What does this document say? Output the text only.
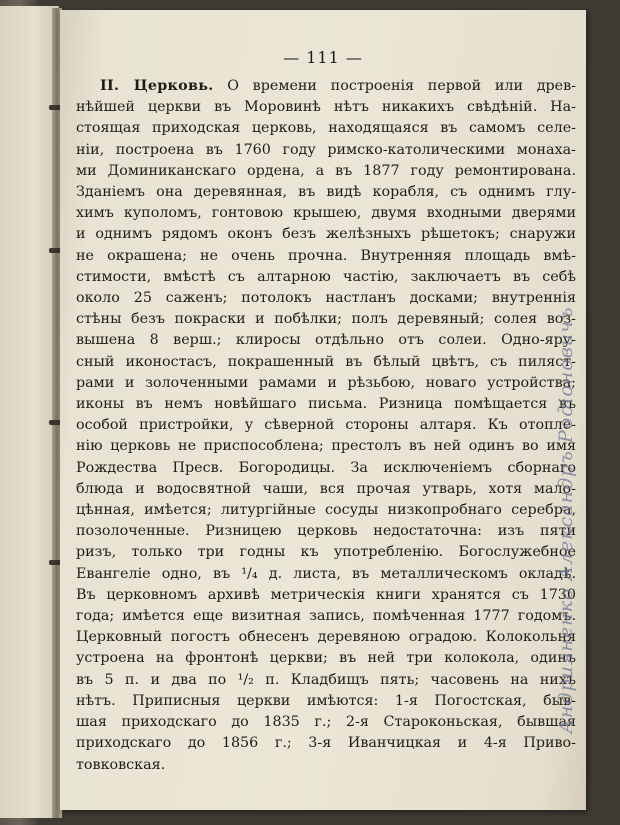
— 111 —
II. Церковь. О времени построенія первой или древ-
нѣйшей церкви въ Моровинѣ нѣтъ никакихъ свѣдѣній. На-
стоящая приходская церковь, находящаяся въ самомъ селе-
ніи, построена въ 1760 году римско-католическими монаха-
ми Доминиканскаго ордена, а въ 1877 году ремонтирована.
Зданіемъ она деревянная, въ видѣ корабля, съ однимъ глу-
химъ куполомъ, гонтовою крышею, двумя входными дверями
и однимъ рядомъ оконъ безъ желѣзныхъ рѣшетокъ; снаружи
не окрашена; не очень прочна. Внутренняя площадь вмѣ-
стимости, вмѣстѣ съ алтарною частію, заключаетъ въ себѣ
около 25 саженъ; потолокъ настланъ досками; внутреннія
стѣны безъ покраски и побѣлки; полъ деревяный; солея воз-
вышена 8 верш.; клиросы отдѣльно отъ солеи. Одно-яру-
сный иконостасъ, покрашенный въ бѣлый цвѣтъ, съ пиляст-
рами и золоченными рамами и рѣзьбою, новаго устройства;
иконы въ немъ новѣйшаго письма. Ризница помѣщается въ
особой пристройки, у сѣверной стороны алтаря. Къ отопле-
нію церковь не приспособлена; престолъ въ ней одинъ во имя
Рождества Пресв. Богородицы. За исключеніемъ сборнаго
блюда и водосвятной чаши, вся прочая утварь, хотя мало-
цѣнная, имѣется; литургійные сосуды низкопробнаго серебра,
позолоченные. Ризницею церковь недостаточна: изъ пяти
ризъ, только три годны къ употребленію. Богослужебное
Евангеліе одно, въ ¹/₄ д. листа, въ металлическомъ окладѣ.
Въ церковномъ архивѣ метрическія книги хранятся съ 1730
года; имѣется еще визитная запись, помѣченная 1777 годомъ.
Церковный погостъ обнесенъ деревяною оградою. Колокольня
устроена на фронтонѣ церкви; въ ней три колокола, одинъ
въ 5 п. и два по ¹/₂ п. Кладбищъ пять; часовень на нихъ
нѣтъ. Приписныя церкви имѣются: 1-я Погостская, быв-
шая приходскаго до 1835 г.; 2-я Староконьская, бывшая
приходскаго до 1856 г.; 3-я Иванчицкая и 4-я Приво-
товковская.
Андрияненко Александръ Родіоновичъ
